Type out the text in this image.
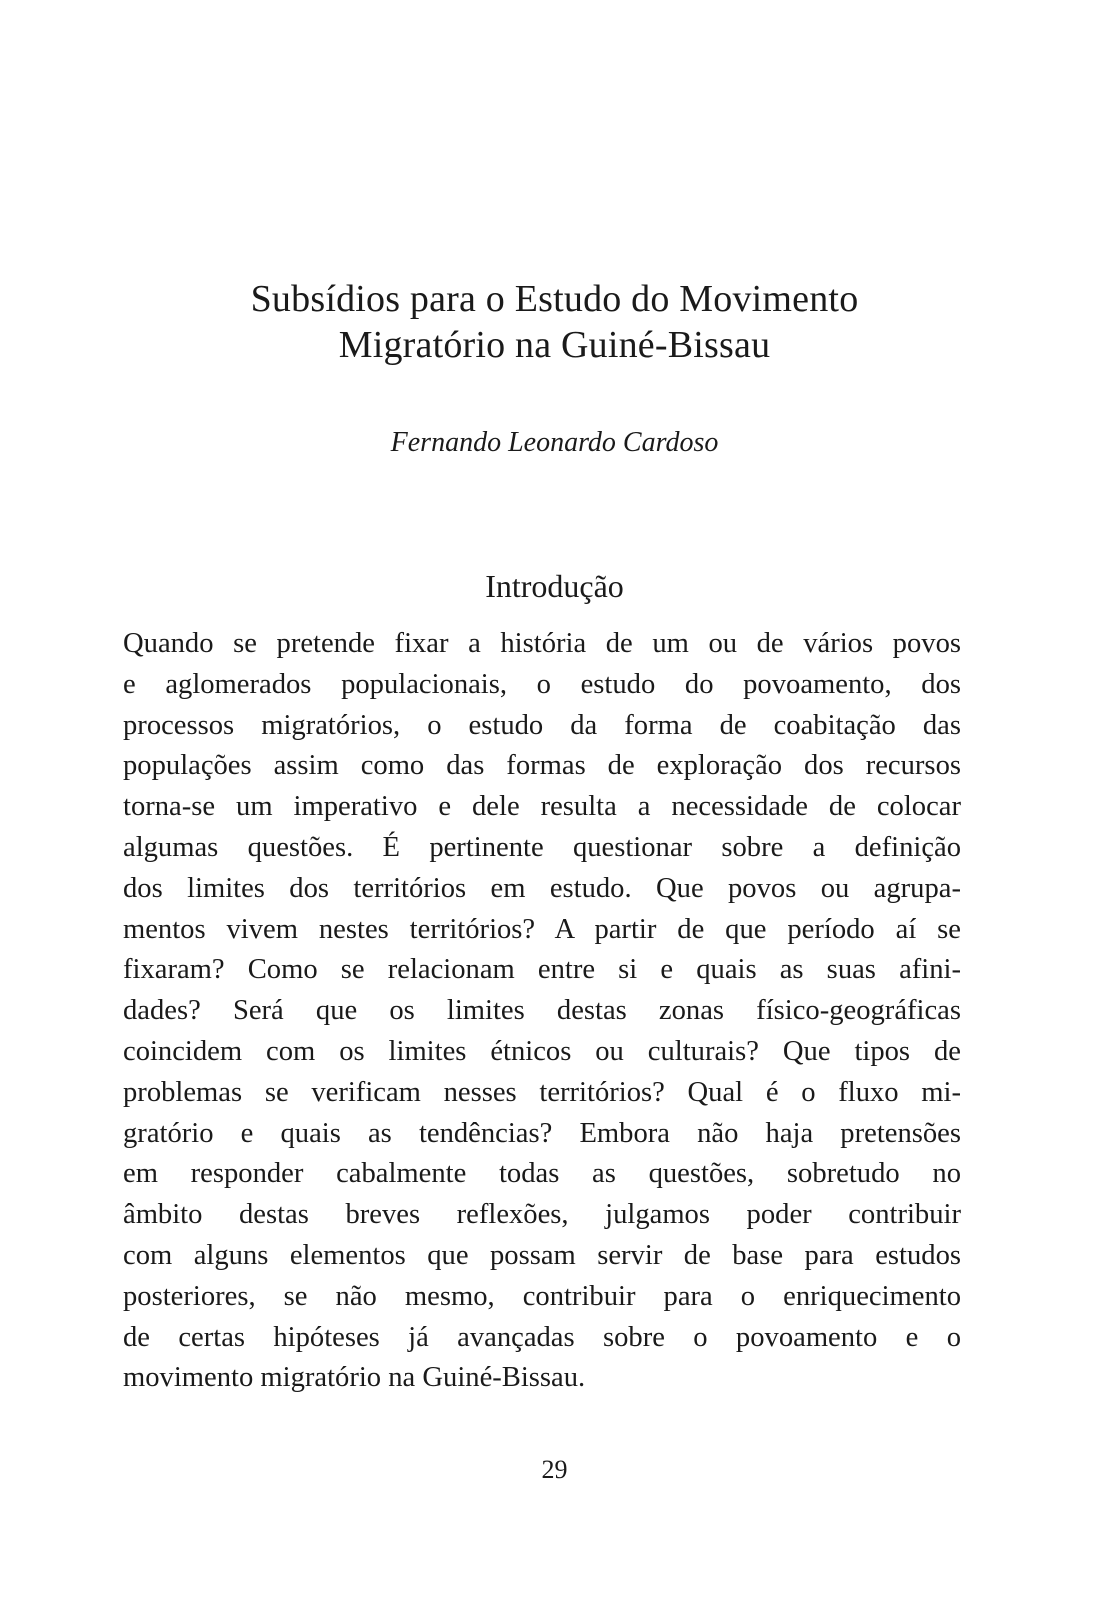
Subsídios para o Estudo do Movimento
Migratório na Guiné-Bissau

Fernando Leonardo Cardoso

Introdução
Quando se pretende fixar a história de um ou de vários povos
e aglomerados populacionais, o estudo do povoamento, dos
processos migratórios, o estudo da forma de coabitação das
populações assim como das formas de exploração dos recursos
torna-se um imperativo e dele resulta a necessidade de colocar
algumas questões. É pertinente questionar sobre a definição
dos limites dos territórios em estudo. Que povos ou agrupa-
mentos vivem nestes territórios? A partir de que período aí se
fixaram? Como se relacionam entre si e quais as suas afini-
dades? Será que os limites destas zonas físico-geográficas
coincidem com os limites étnicos ou culturais? Que tipos de
problemas se verificam nesses territórios? Qual é o fluxo mi-
gratório e quais as tendências? Embora não haja pretensões
em responder cabalmente todas as questões, sobretudo no
âmbito destas breves reflexões, julgamos poder contribuir
com alguns elementos que possam servir de base para estudos
posteriores, se não mesmo, contribuir para o enriquecimento
de certas hipóteses já avançadas sobre o povoamento e o
movimento migratório na Guiné-Bissau.

29
